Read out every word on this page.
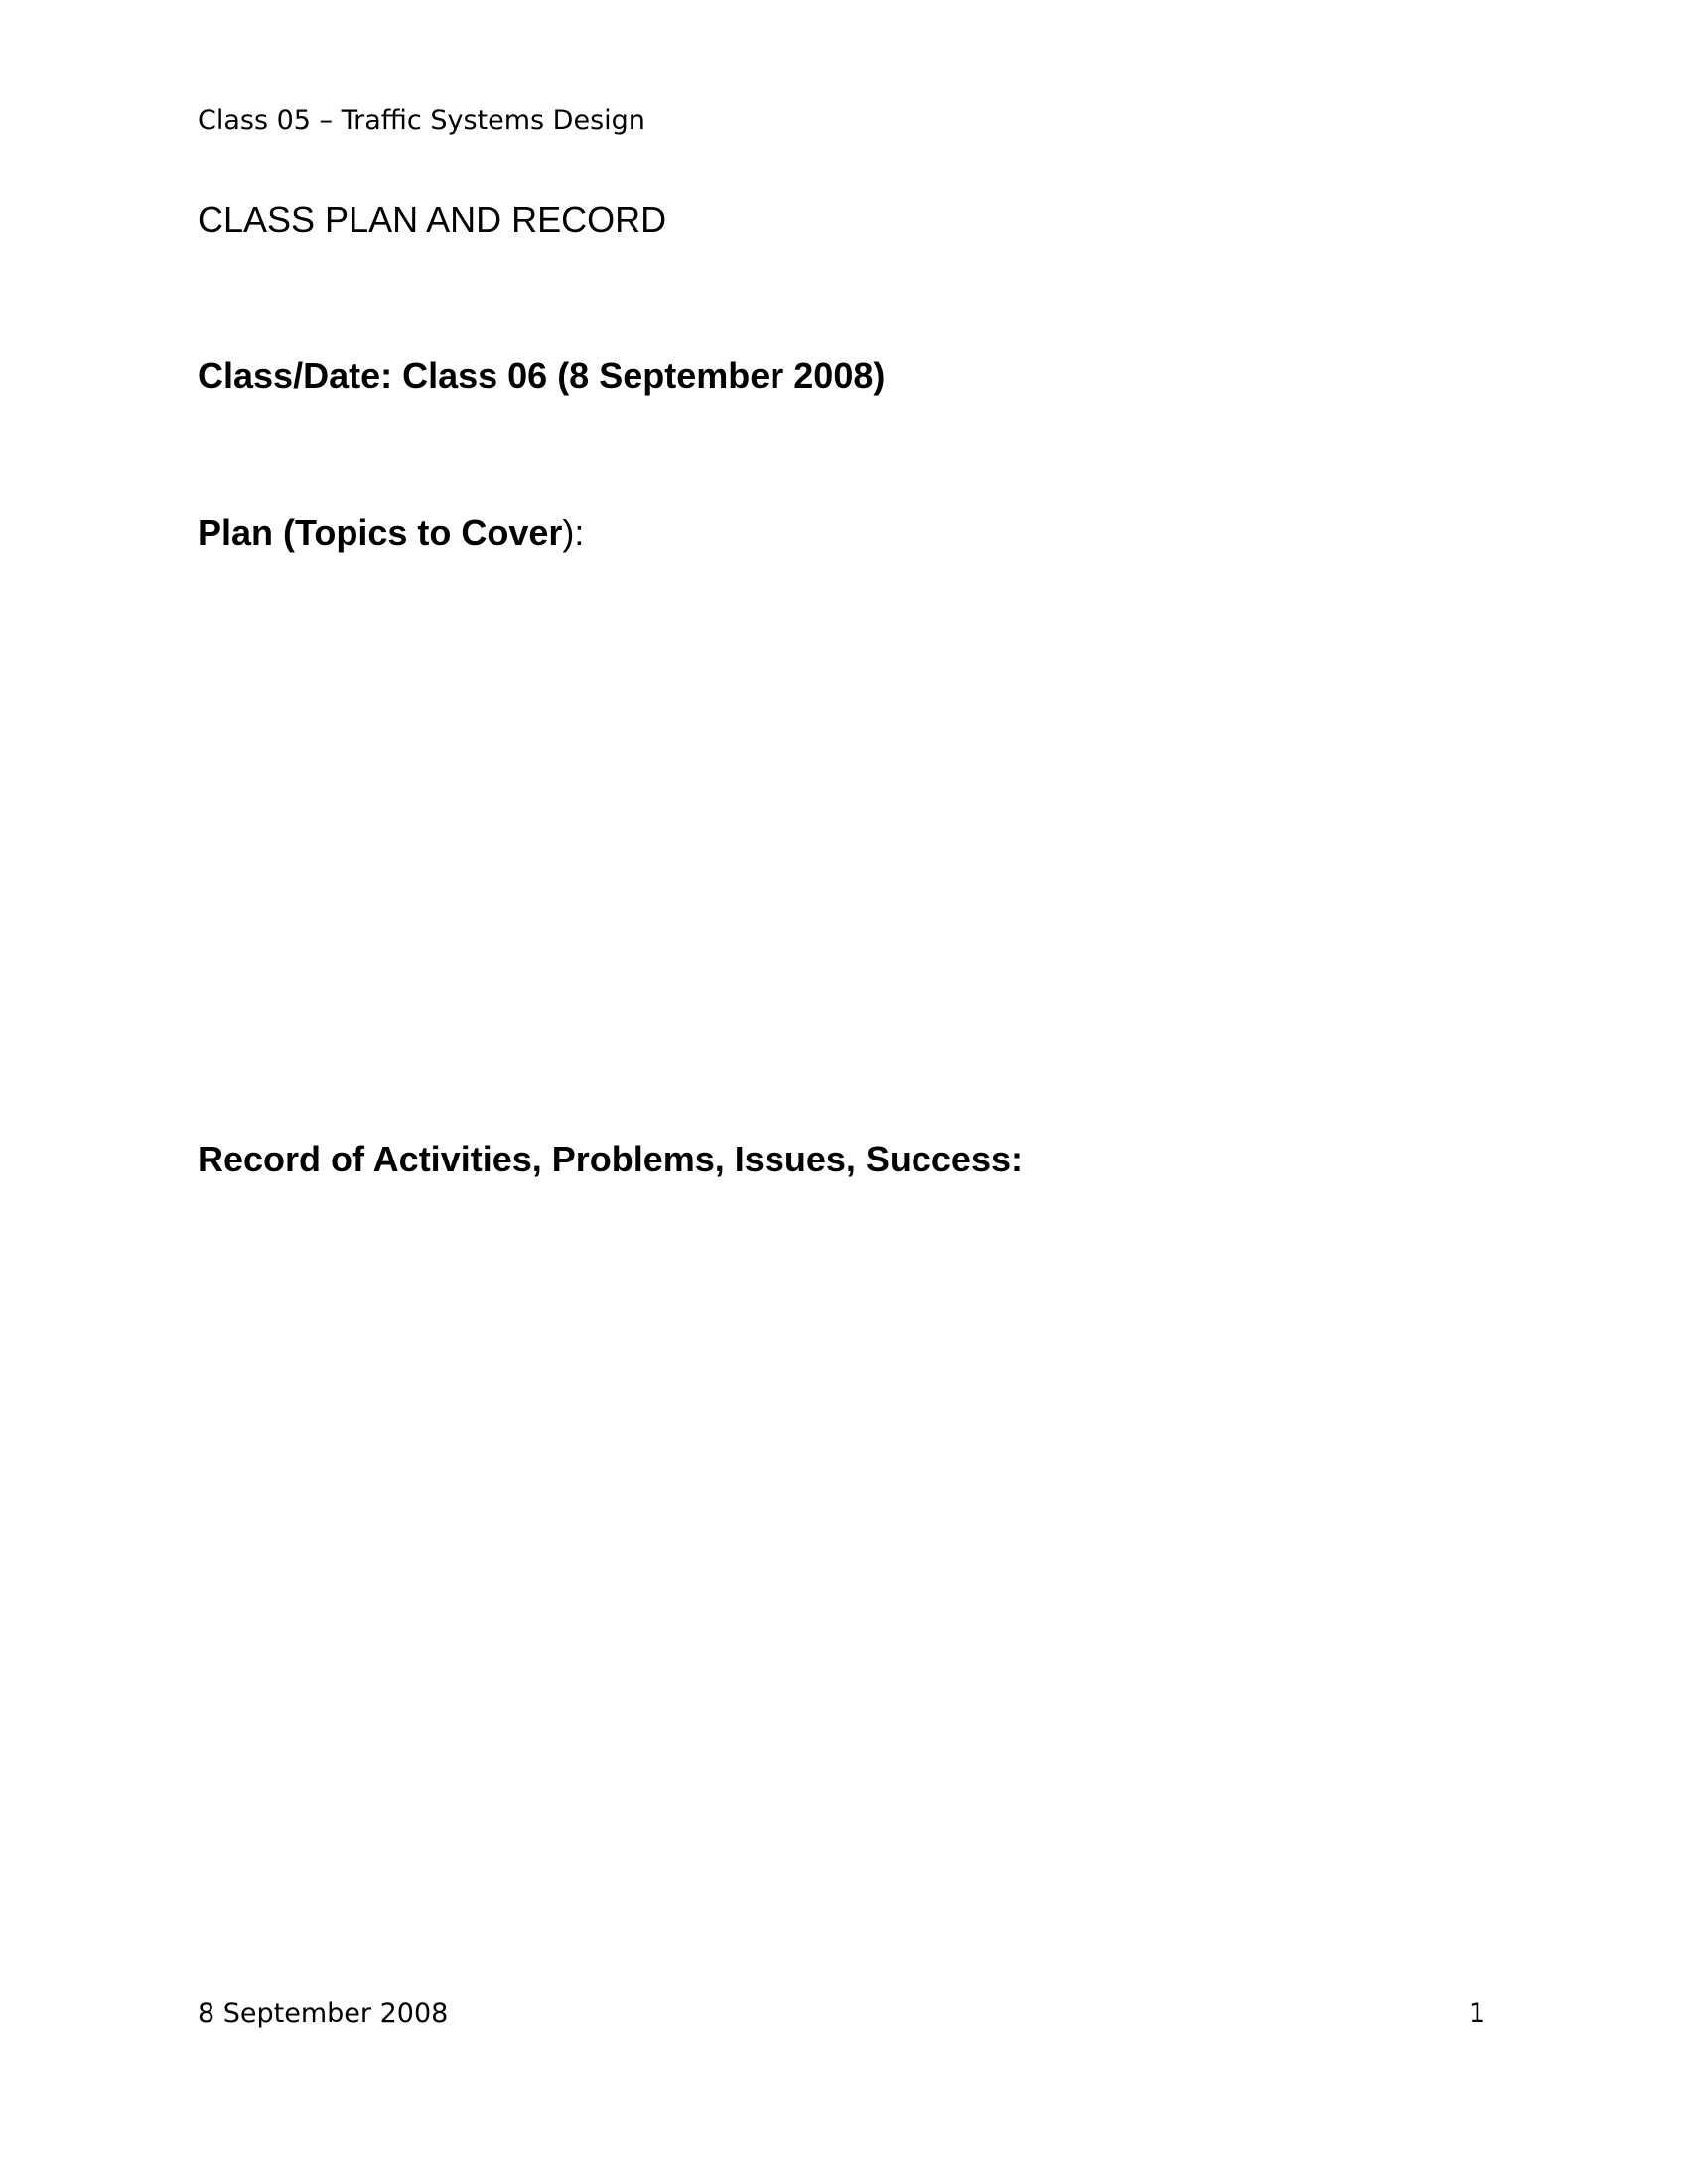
Class 05 – Traffic Systems Design
CLASS PLAN AND RECORD
Class/Date: Class 06 (8 September 2008)
Plan (Topics to Cover):
Record of Activities, Problems, Issues, Success:
8 September 2008	1
